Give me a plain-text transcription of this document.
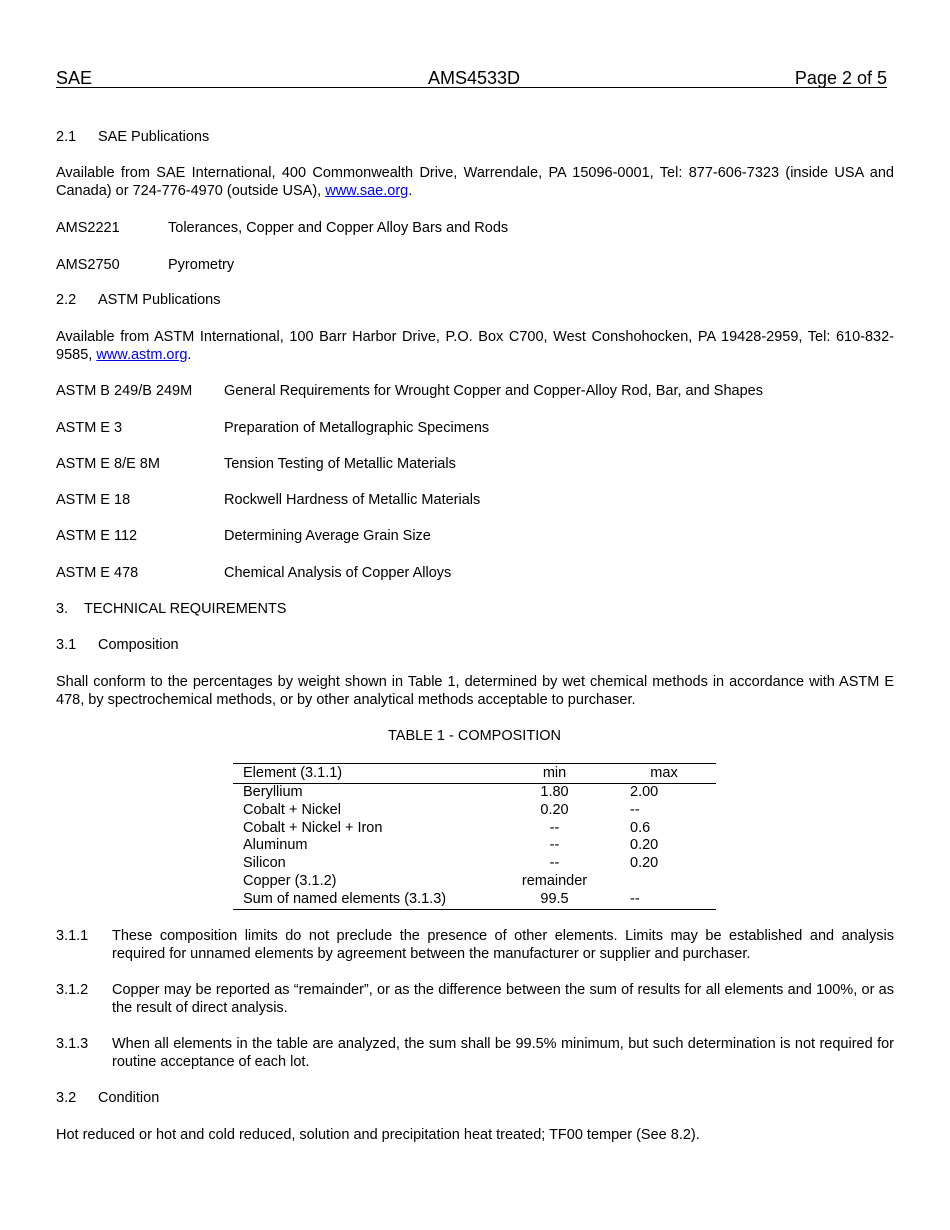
SAE	AMS4533D	Page 2 of 5
2.1 SAE Publications
Available from SAE International, 400 Commonwealth Drive, Warrendale, PA 15096-0001, Tel: 877-606-7323 (inside USA and Canada) or 724-776-4970 (outside USA), www.sae.org.
AMS2221	Tolerances, Copper and Copper Alloy Bars and Rods
AMS2750	Pyrometry
2.2 ASTM Publications
Available from ASTM International, 100 Barr Harbor Drive, P.O. Box C700, West Conshohocken, PA 19428-2959, Tel: 610-832-9585, www.astm.org.
ASTM B 249/B 249M General Requirements for Wrought Copper and Copper-Alloy Rod, Bar, and Shapes
ASTM E 3	Preparation of Metallographic Specimens
ASTM E 8/E 8M	Tension Testing of Metallic Materials
ASTM E 18	Rockwell Hardness of Metallic Materials
ASTM E 112	Determining Average Grain Size
ASTM E 478	Chemical Analysis of Copper Alloys
3. TECHNICAL REQUIREMENTS
3.1 Composition
Shall conform to the percentages by weight shown in Table 1, determined by wet chemical methods in accordance with ASTM E 478, by spectrochemical methods, or by other analytical methods acceptable to purchaser.
TABLE 1 - COMPOSITION
Element (3.1.1)	min	max
Beryllium	1.80	2.00
Cobalt + Nickel	0.20	--
Cobalt + Nickel + Iron	--	0.6
Aluminum	--	0.20
Silicon	--	0.20
Copper (3.1.2)	remainder	
Sum of named elements (3.1.3)	99.5	--
3.1.1 These composition limits do not preclude the presence of other elements. Limits may be established and analysis required for unnamed elements by agreement between the manufacturer or supplier and purchaser.
3.1.2 Copper may be reported as “remainder”, or as the difference between the sum of results for all elements and 100%, or as the result of direct analysis.
3.1.3 When all elements in the table are analyzed, the sum shall be 99.5% minimum, but such determination is not required for routine acceptance of each lot.
3.2 Condition
Hot reduced or hot and cold reduced, solution and precipitation heat treated; TF00 temper (See 8.2).
